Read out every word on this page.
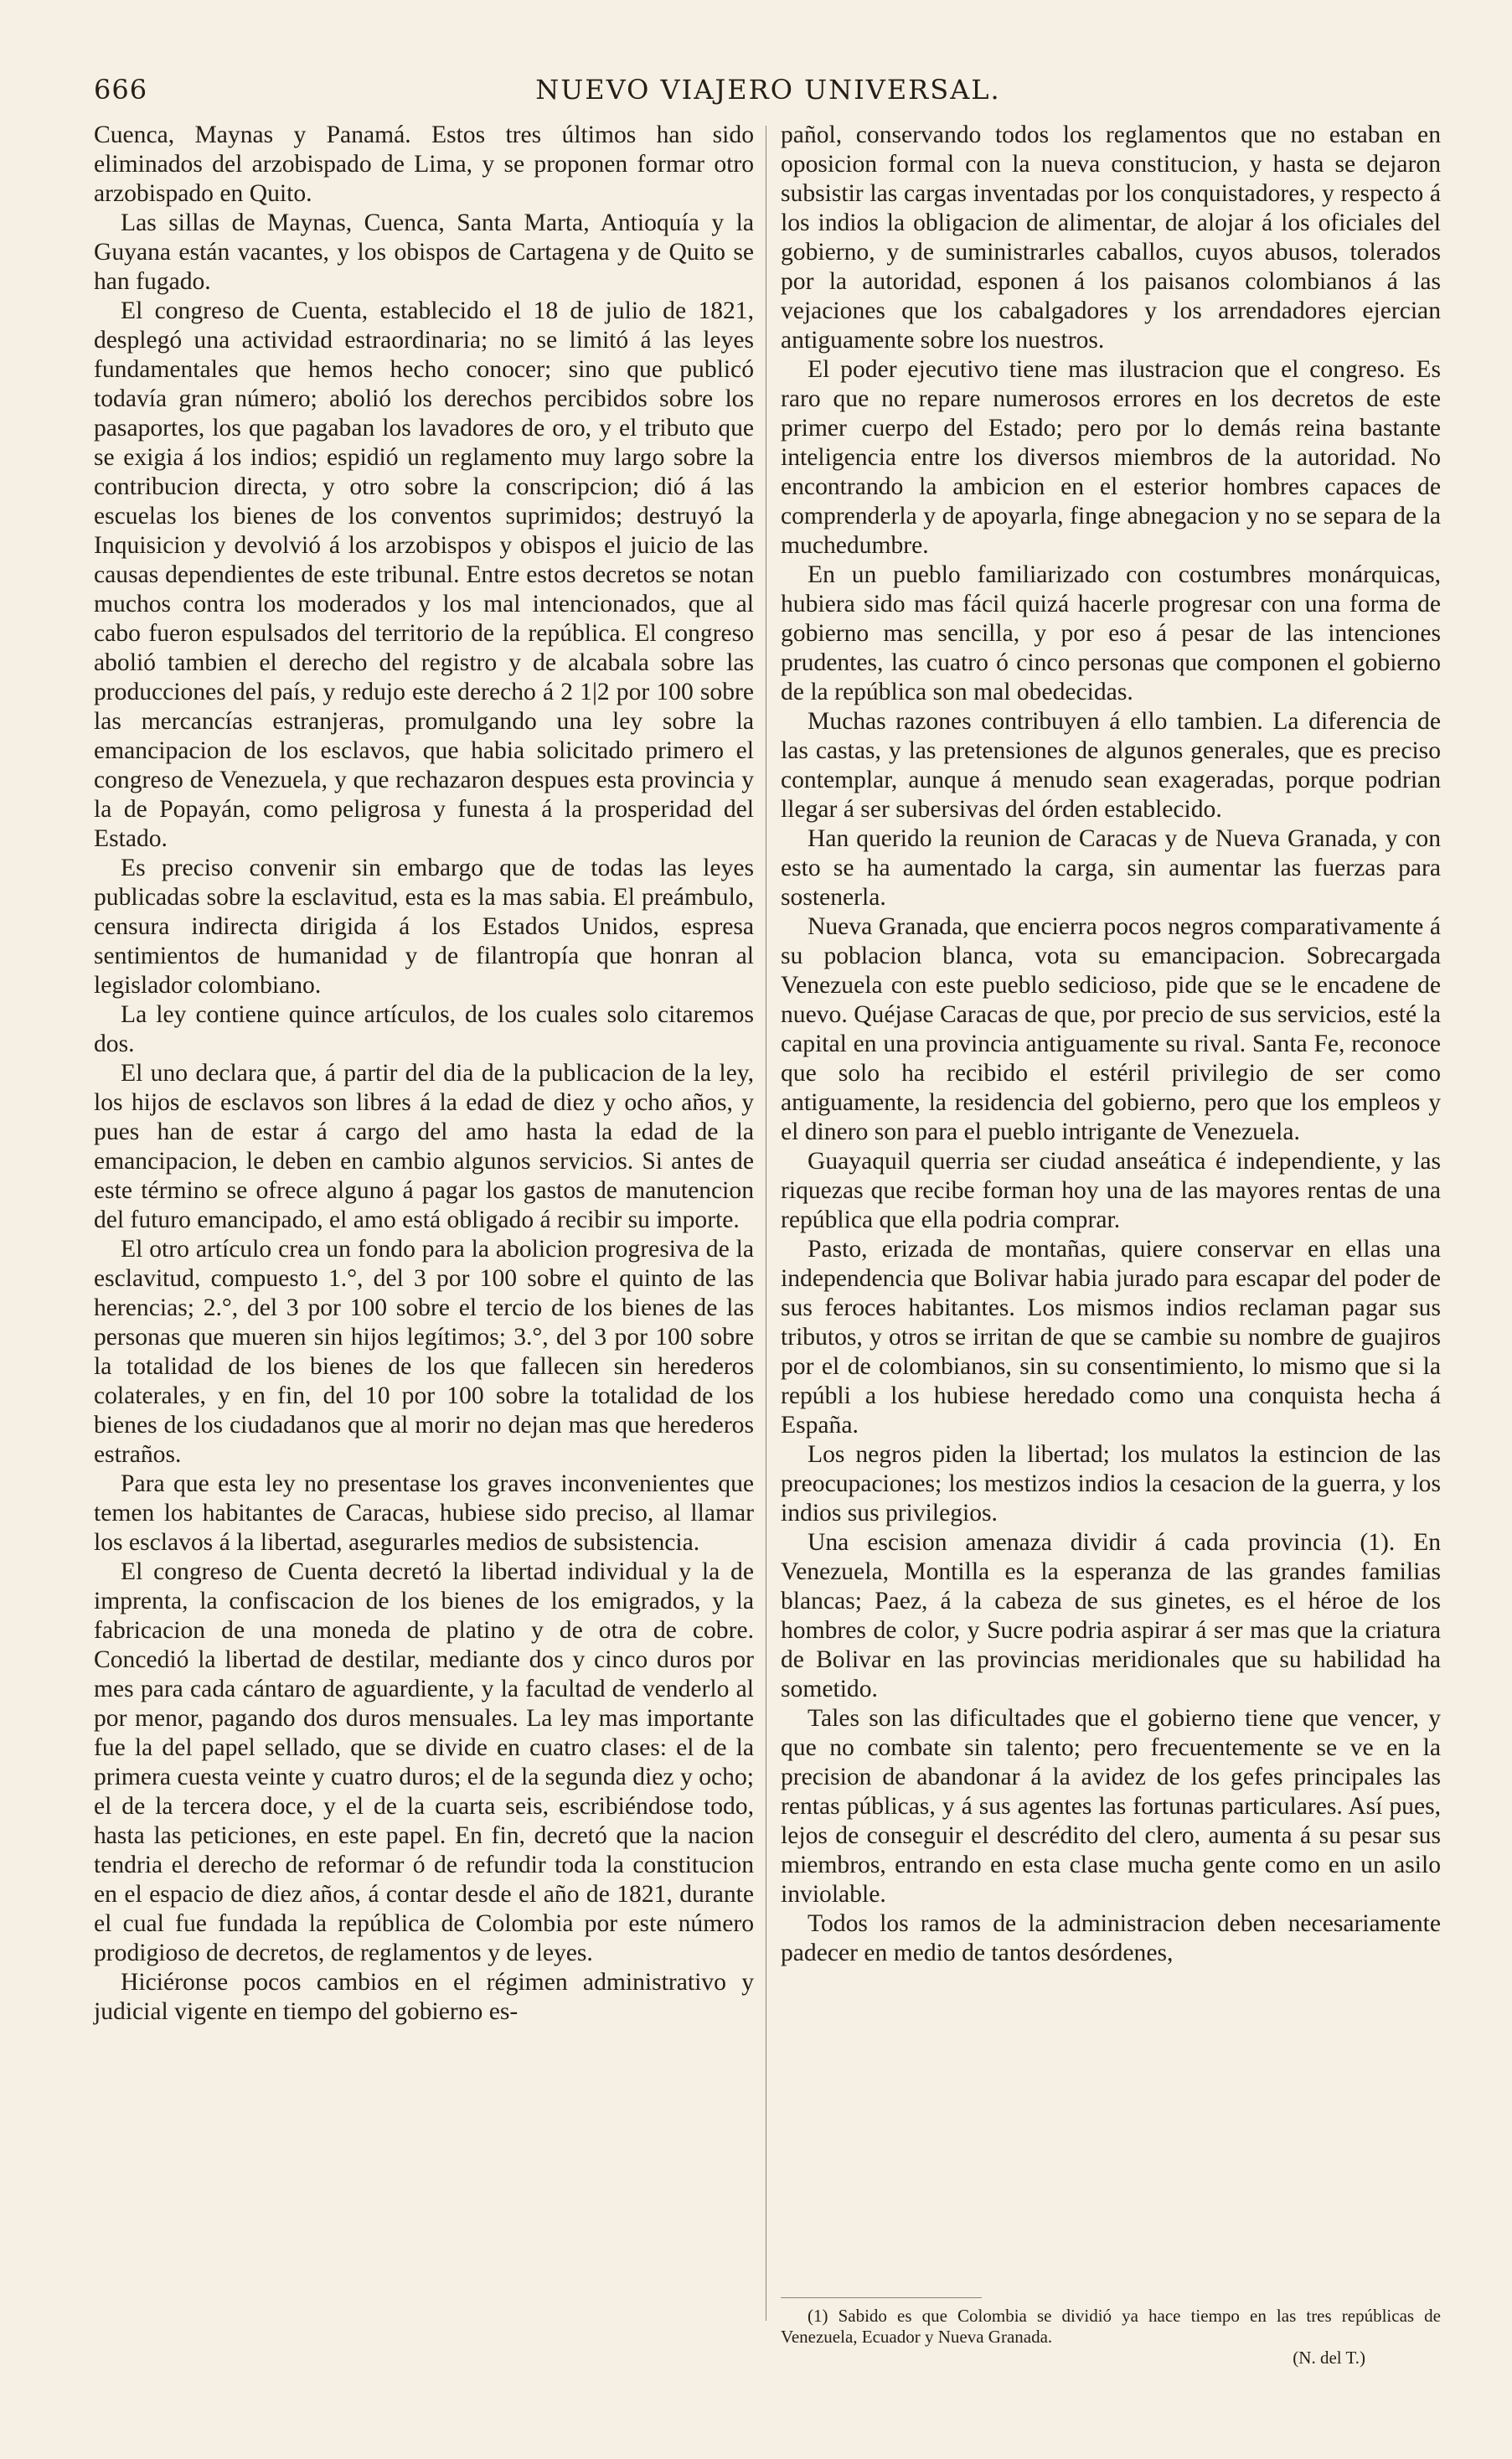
666	NUEVO VIAJERO UNIVERSAL.

Cuenca, Maynas y Panamá. Estos tres últimos han sido eliminados del arzobispado de Lima, y se proponen formar otro arzobispado en Quito.

Las sillas de Maynas, Cuenca, Santa Marta, Antioquía y la Guyana están vacantes, y los obispos de Cartagena y de Quito se han fugado.

El congreso de Cuenta, establecido el 18 de julio de 1821, desplegó una actividad estraordinaria; no se limitó á las leyes fundamentales que hemos hecho conocer; sino que publicó todavía gran número; abolió los derechos percibidos sobre los pasaportes, los que pagaban los lavadores de oro, y el tributo que se exigia á los indios; espidió un reglamento muy largo sobre la contribucion directa, y otro sobre la conscripcion; dió á las escuelas los bienes de los conventos suprimidos; destruyó la Inquisicion y devolvió á los arzobispos y obispos el juicio de las causas dependientes de este tribunal. Entre estos decretos se notan muchos contra los moderados y los mal intencionados, que al cabo fueron espulsados del territorio de la república. El congreso abolió tambien el derecho del registro y de alcabala sobre las producciones del país, y redujo este derecho á 2 1|2 por 100 sobre las mercancías estranjeras, promulgando una ley sobre la emancipacion de los esclavos, que habia solicitado primero el congreso de Venezuela, y que rechazaron despues esta provincia y la de Popayán, como peligrosa y funesta á la prosperidad del Estado.

Es preciso convenir sin embargo que de todas las leyes publicadas sobre la esclavitud, esta es la mas sabia. El preámbulo, censura indirecta dirigida á los Estados Unidos, espresa sentimientos de humanidad y de filantropía que honran al legislador colombiano.

La ley contiene quince artículos, de los cuales solo citaremos dos.

El uno declara que, á partir del dia de la publicacion de la ley, los hijos de esclavos son libres á la edad de diez y ocho años, y pues han de estar á cargo del amo hasta la edad de la emancipacion, le deben en cambio algunos servicios. Si antes de este término se ofrece alguno á pagar los gastos de manutencion del futuro emancipado, el amo está obligado á recibir su importe.

El otro artículo crea un fondo para la abolicion progresiva de la esclavitud, compuesto 1.°, del 3 por 100 sobre el quinto de las herencias; 2.°, del 3 por 100 sobre el tercio de los bienes de las personas que mueren sin hijos legítimos; 3.°, del 3 por 100 sobre la totalidad de los bienes de los que fallecen sin herederos colaterales, y en fin, del 10 por 100 sobre la totalidad de los bienes de los ciudadanos que al morir no dejan mas que herederos estraños.

Para que esta ley no presentase los graves inconvenientes que temen los habitantes de Caracas, hubiese sido preciso, al llamar los esclavos á la libertad, asegurarles medios de subsistencia.

El congreso de Cuenta decretó la libertad individual y la de imprenta, la confiscacion de los bienes de los emigrados, y la fabricacion de una moneda de platino y de otra de cobre. Concedió la libertad de destilar, mediante dos y cinco duros por mes para cada cántaro de aguardiente, y la facultad de venderlo al por menor, pagando dos duros mensuales. La ley mas importante fue la del papel sellado, que se divide en cuatro clases: el de la primera cuesta veinte y cuatro duros; el de la segunda diez y ocho; el de la tercera doce, y el de la cuarta seis, escribiéndose todo, hasta las peticiones, en este papel. En fin, decretó que la nacion tendria el derecho de reformar ó de refundir toda la constitucion en el espacio de diez años, á contar desde el año de 1821, durante el cual fue fundada la república de Colombia por este número prodigioso de decretos, de reglamentos y de leyes.

Hiciéronse pocos cambios en el régimen administrativo y judicial vigente en tiempo del gobierno es-

pañol, conservando todos los reglamentos que no estaban en oposicion formal con la nueva constitucion, y hasta se dejaron subsistir las cargas inventadas por los conquistadores, y respecto á los indios la obligacion de alimentar, de alojar á los oficiales del gobierno, y de suministrarles caballos, cuyos abusos, tolerados por la autoridad, esponen á los paisanos colombianos á las vejaciones que los cabalgadores y los arrendadores ejercian antiguamente sobre los nuestros.

El poder ejecutivo tiene mas ilustracion que el congreso. Es raro que no repare numerosos errores en los decretos de este primer cuerpo del Estado; pero por lo demás reina bastante inteligencia entre los diversos miembros de la autoridad. No encontrando la ambicion en el esterior hombres capaces de comprenderla y de apoyarla, finge abnegacion y no se separa de la muchedumbre.

En un pueblo familiarizado con costumbres monárquicas, hubiera sido mas fácil quizá hacerle progresar con una forma de gobierno mas sencilla, y por eso á pesar de las intenciones prudentes, las cuatro ó cinco personas que componen el gobierno de la república son mal obedecidas.

Muchas razones contribuyen á ello tambien. La diferencia de las castas, y las pretensiones de algunos generales, que es preciso contemplar, aunque á menudo sean exageradas, porque podrian llegar á ser subersivas del órden establecido.

Han querido la reunion de Caracas y de Nueva Granada, y con esto se ha aumentado la carga, sin aumentar las fuerzas para sostenerla.

Nueva Granada, que encierra pocos negros comparativamente á su poblacion blanca, vota su emancipacion. Sobrecargada Venezuela con este pueblo sedicioso, pide que se le encadene de nuevo. Quéjase Caracas de que, por precio de sus servicios, esté la capital en una provincia antiguamente su rival. Santa Fe, reconoce que solo ha recibido el estéril privilegio de ser como antiguamente, la residencia del gobierno, pero que los empleos y el dinero son para el pueblo intrigante de Venezuela.

Guayaquil querria ser ciudad anseática é independiente, y las riquezas que recibe forman hoy una de las mayores rentas de una república que ella podria comprar.

Pasto, erizada de montañas, quiere conservar en ellas una independencia que Bolivar habia jurado para escapar del poder de sus feroces habitantes. Los mismos indios reclaman pagar sus tributos, y otros se irritan de que se cambie su nombre de guajiros por el de colombianos, sin su consentimiento, lo mismo que si la repúbli a los hubiese heredado como una conquista hecha á España.

Los negros piden la libertad; los mulatos la estincion de las preocupaciones; los mestizos indios la cesacion de la guerra, y los indios sus privilegios.

Una escision amenaza dividir á cada provincia (1). En Venezuela, Montilla es la esperanza de las grandes familias blancas; Paez, á la cabeza de sus ginetes, es el héroe de los hombres de color, y Sucre podria aspirar á ser mas que la criatura de Bolivar en las provincias meridionales que su habilidad ha sometido.

Tales son las dificultades que el gobierno tiene que vencer, y que no combate sin talento; pero frecuentemente se ve en la precision de abandonar á la avidez de los gefes principales las rentas públicas, y á sus agentes las fortunas particulares. Así pues, lejos de conseguir el descrédito del clero, aumenta á su pesar sus miembros, entrando en esta clase mucha gente como en un asilo inviolable.

Todos los ramos de la administracion deben necesariamente padecer en medio de tantos desórdenes,

(1) Sabido es que Colombia se dividió ya hace tiempo en las tres repúblicas de Venezuela, Ecuador y Nueva Granada.

(N. del T.)
